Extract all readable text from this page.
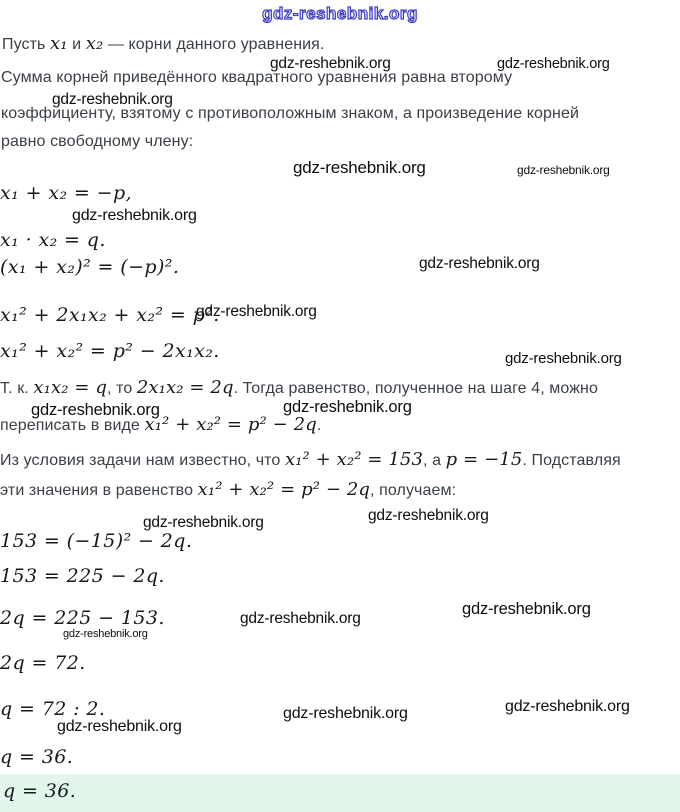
gdz-reshebnik.org
Пусть x₁ и x₂ — корни данного уравнения.
gdz-reshebnik.org	gdz-reshebnik.org
Сумма корней приведённого квадратного уравнения равна второму
gdz-reshebnik.org
коэффициенту, взятому с противоположным знаком, а произведение корней
равно свободному члену:
gdz-reshebnik.org	gdz-reshebnik.org
x₁ + x₂ = −p,
gdz-reshebnik.org
x₁ · x₂ = q.
(x₁ + x₂)² = (−p)².	gdz-reshebnik.org
x₁² + 2x₁x₂ + x₂² = p².
gdz-reshebnik.org
x₁² + x₂² = p² − 2x₁x₂.	gdz-reshebnik.org
Т. к. x₁x₂ = q, то 2x₁x₂ = 2q. Тогда равенство, полученное на шаге 4, можно
gdz-reshebnik.org	gdz-reshebnik.org
переписать в виде x₁² + x₂² = p² − 2q.
Из условия задачи нам известно, что x₁² + x₂² = 153, а p = −15. Подставляя
эти значения в равенство x₁² + x₂² = p² − 2q, получаем:
gdz-reshebnik.org	gdz-reshebnik.org
153 = (−15)² − 2q.
153 = 225 − 2q.
2q = 225 − 153.	gdz-reshebnik.org
gdz-reshebnik.org
gdz-reshebnik.org
2q = 72.
q = 72 : 2.	gdz-reshebnik.org	gdz-reshebnik.org
gdz-reshebnik.org
q = 36.
q = 36.
